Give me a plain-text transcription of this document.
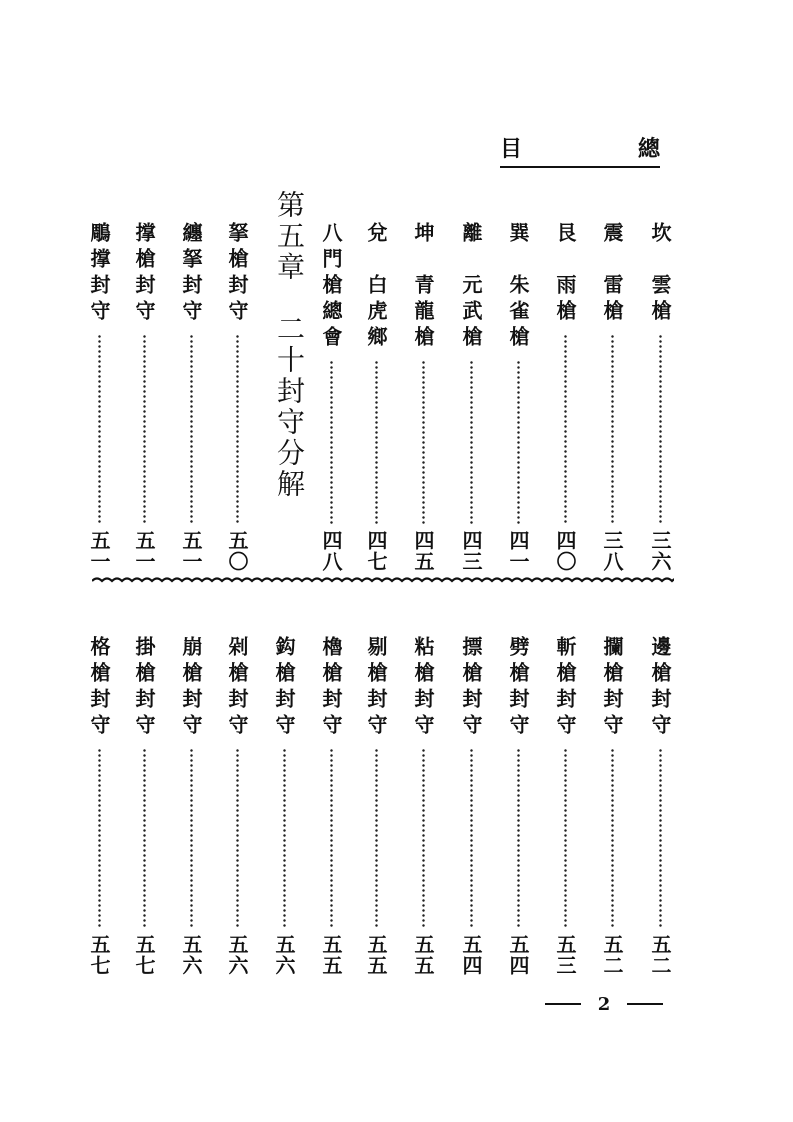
總
目
坎　雲槍
三六
震　雷槍
三八
艮　雨槍
四〇
巽　朱雀槍
四一
離　元武槍
四三
坤　青龍槍
四五
兌　白虎鄉
四七
八門槍總會
四八
第五章　二十封守分解
拏槍封守
五〇
纏拏封守
五一
撑槍封守
五一
鵰撑封守
五一
邊槍封守
五二
攔槍封守
五二
斬槍封守
五三
劈槍封守
五四
摽槍封守
五四
粘槍封守
五五
剔槍封守
五五
櫓槍封守
五五
鈎槍封守
五六
剁槍封守
五六
崩槍封守
五六
掛槍封守
五七
格槍封守
五七
2
